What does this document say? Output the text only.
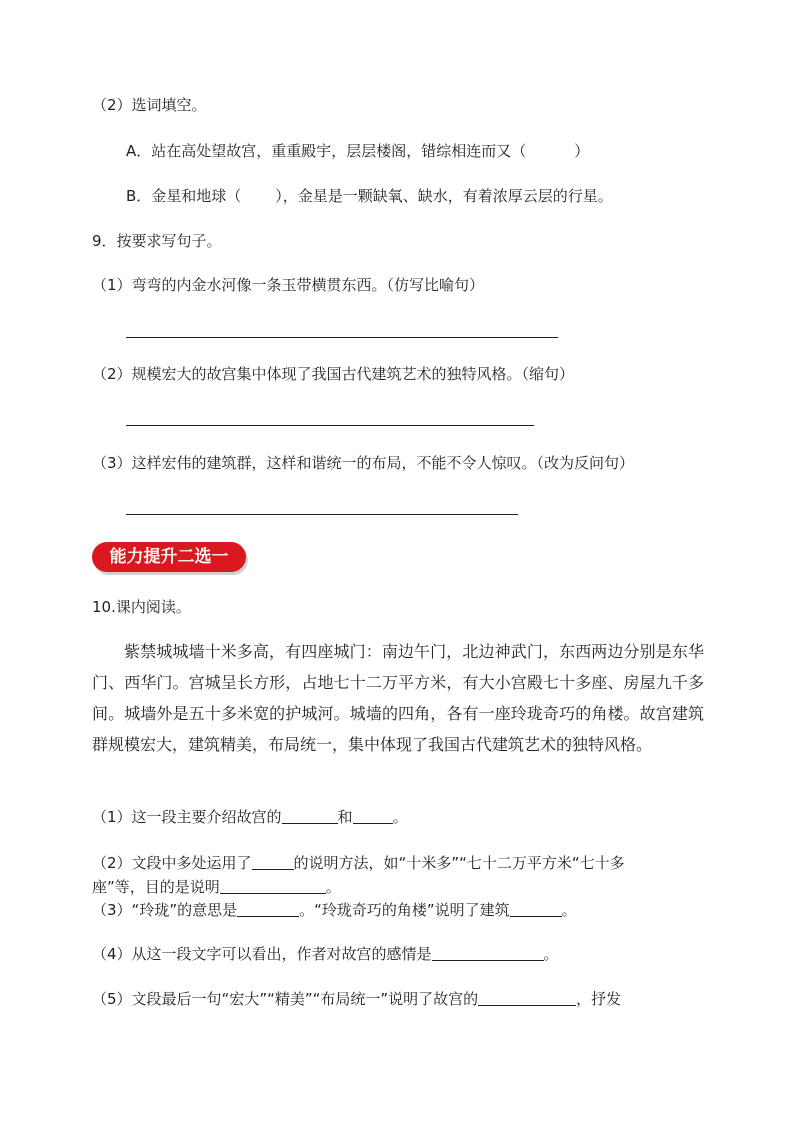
（2）选词填空。
A．站在高处望故宫，重重殿宇，层层楼阁，错综相连而又（	）
B．金星和地球（ ），金星是一颗缺氧、缺水，有着浓厚云层的行星。
9．按要求写句子。
（1）弯弯的内金水河像一条玉带横贯东西。（仿写比喻句）
（2）规模宏大的故宫集中体现了我国古代建筑艺术的独特风格。（缩句）
（3）这样宏伟的建筑群，这样和谐统一的布局，不能不令人惊叹。（改为反问句）
能力提升二选一
10.课内阅读。
紫禁城城墙十米多高，有四座城门：南边午门，北边神武门，东西两边分别是东华门、西华门。宫城呈长方形，占地七十二万平方米，有大小宫殿七十多座、房屋九千多间。城墙外是五十多米宽的护城河。城墙的四角，各有一座玲珑奇巧的角楼。故宫建筑群规模宏大，建筑精美，布局统一，集中体现了我国古代建筑艺术的独特风格。
（1）这一段主要介绍故宫的	和	。
（2）文段中多处运用了	的说明方法，如“十米多”“七十二万平方米“七十多
座”等，目的是说明	。
（3）“玲珑”的意思是	。“玲珑奇巧的角楼”说明了建筑	。
（4）从这一段文字可以看出，作者对故宫的感情是	。
（5）文段最后一句“宏大”“精美”“布局统一”说明了故宫的	，抒发
